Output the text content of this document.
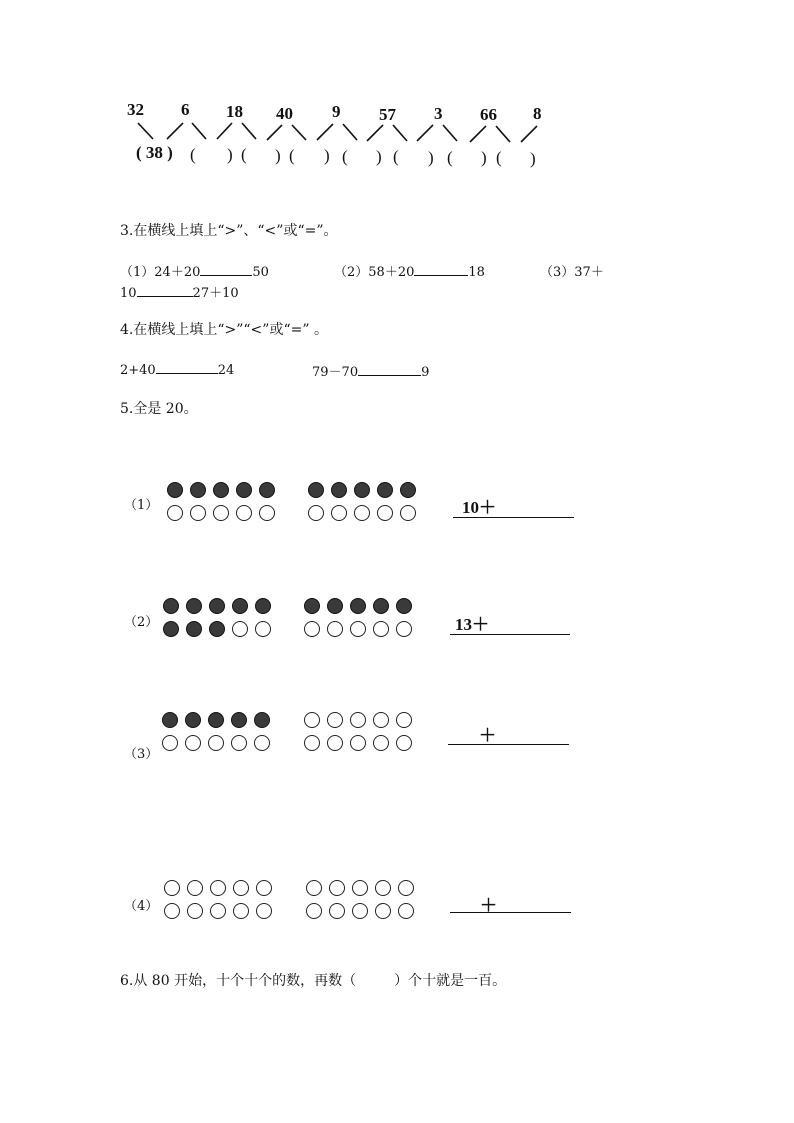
32 6 18 40 9 57 3 66 8
( 38 ) ( ) ( ) ( ) ( ) ( ) ( ) ( )
3.在横线上填上“>”、“<”或“=”。
（1）24＋20	50	（2）58＋20	18	（3）37＋
10	27＋10
4.在横线上填上“>”“<”或“=” 。
2+40	24	79－70	9
5.全是 20。
（1）
（2）
（3）
（4）
10＋
13＋
＋
＋
6.从 80 开始，十个十个的数，再数（	）个十就是一百。
